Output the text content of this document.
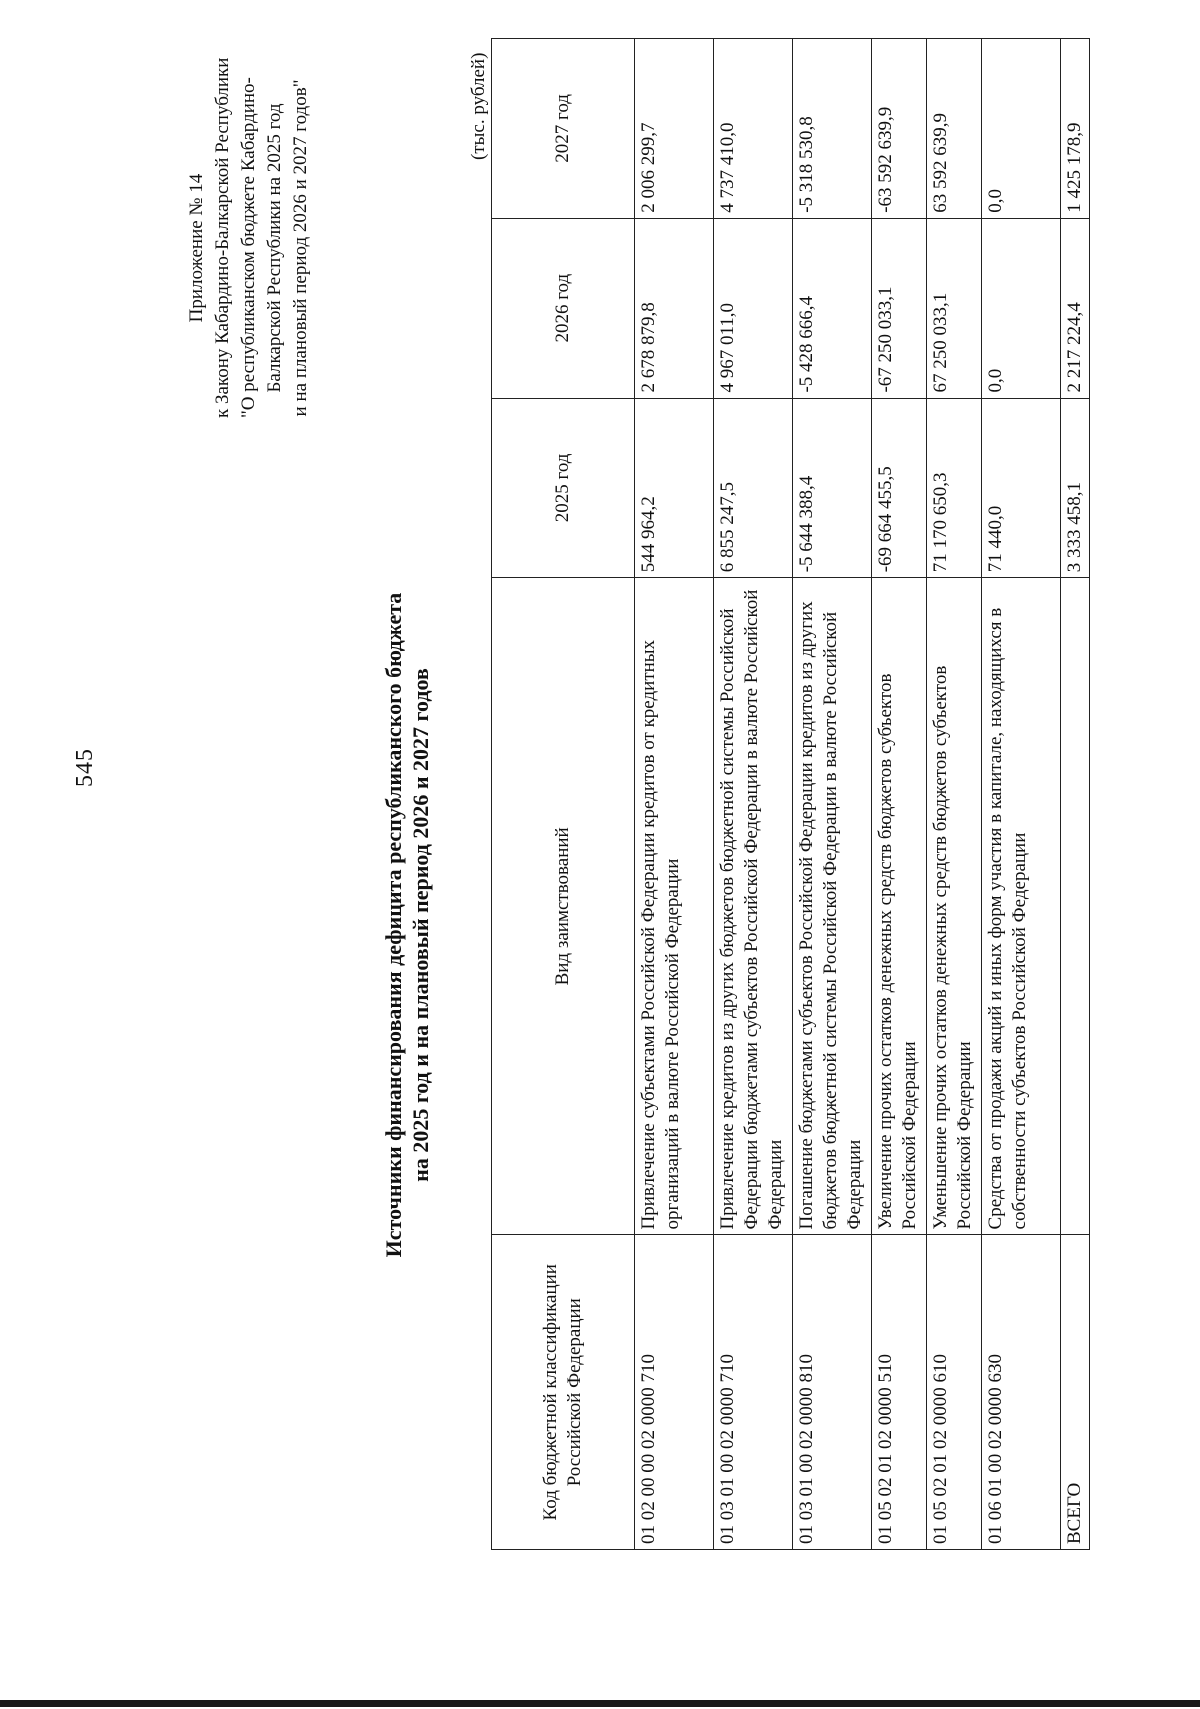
545
Приложение № 14 к Закону Кабардино-Балкарской Республики "О республиканском бюджете Кабардино- Балкарской Республики на 2025 год и на плановый период 2026 и 2027 годов"
Источники финансирования дефицита республиканского бюджета на 2025 год и на плановый период 2026 и 2027 годов
(тыс. рублей)
Код бюджетной классификации Российской Федерации	Вид заимствований	2025 год	2026 год	2027 год
01 02 00 00 02 0000 710	Привлечение субъектами Российской Федерации кредитов от кредитных организаций в валюте Российской Федерации	544 964,2	2 678 879,8	2 006 299,7
01 03 01 00 02 0000 710	Привлечение кредитов из других бюджетов бюджетной системы Российской Федерации бюджетами субъектов Российской Федерации в валюте Российской Федерации	6 855 247,5	4 967 011,0	4 737 410,0
01 03 01 00 02 0000 810	Погашение бюджетами субъектов Российской Федерации кредитов из других бюджетов бюджетной системы Российской Федерации в валюте Российской Федерации	-5 644 388,4	-5 428 666,4	-5 318 530,8
01 05 02 01 02 0000 510	Увеличение прочих остатков денежных средств бюджетов субъектов Российской Федерации	-69 664 455,5	-67 250 033,1	-63 592 639,9
01 05 02 01 02 0000 610	Уменьшение прочих остатков денежных средств бюджетов субъектов Российской Федерации	71 170 650,3	67 250 033,1	63 592 639,9
01 06 01 00 02 0000 630	Средства от продажи акций и иных форм участия в капитале, находящихся в собственности субъектов Российской Федерации	71 440,0	0,0	0,0
ВСЕГО		3 333 458,1	2 217 224,4	1 425 178,9
